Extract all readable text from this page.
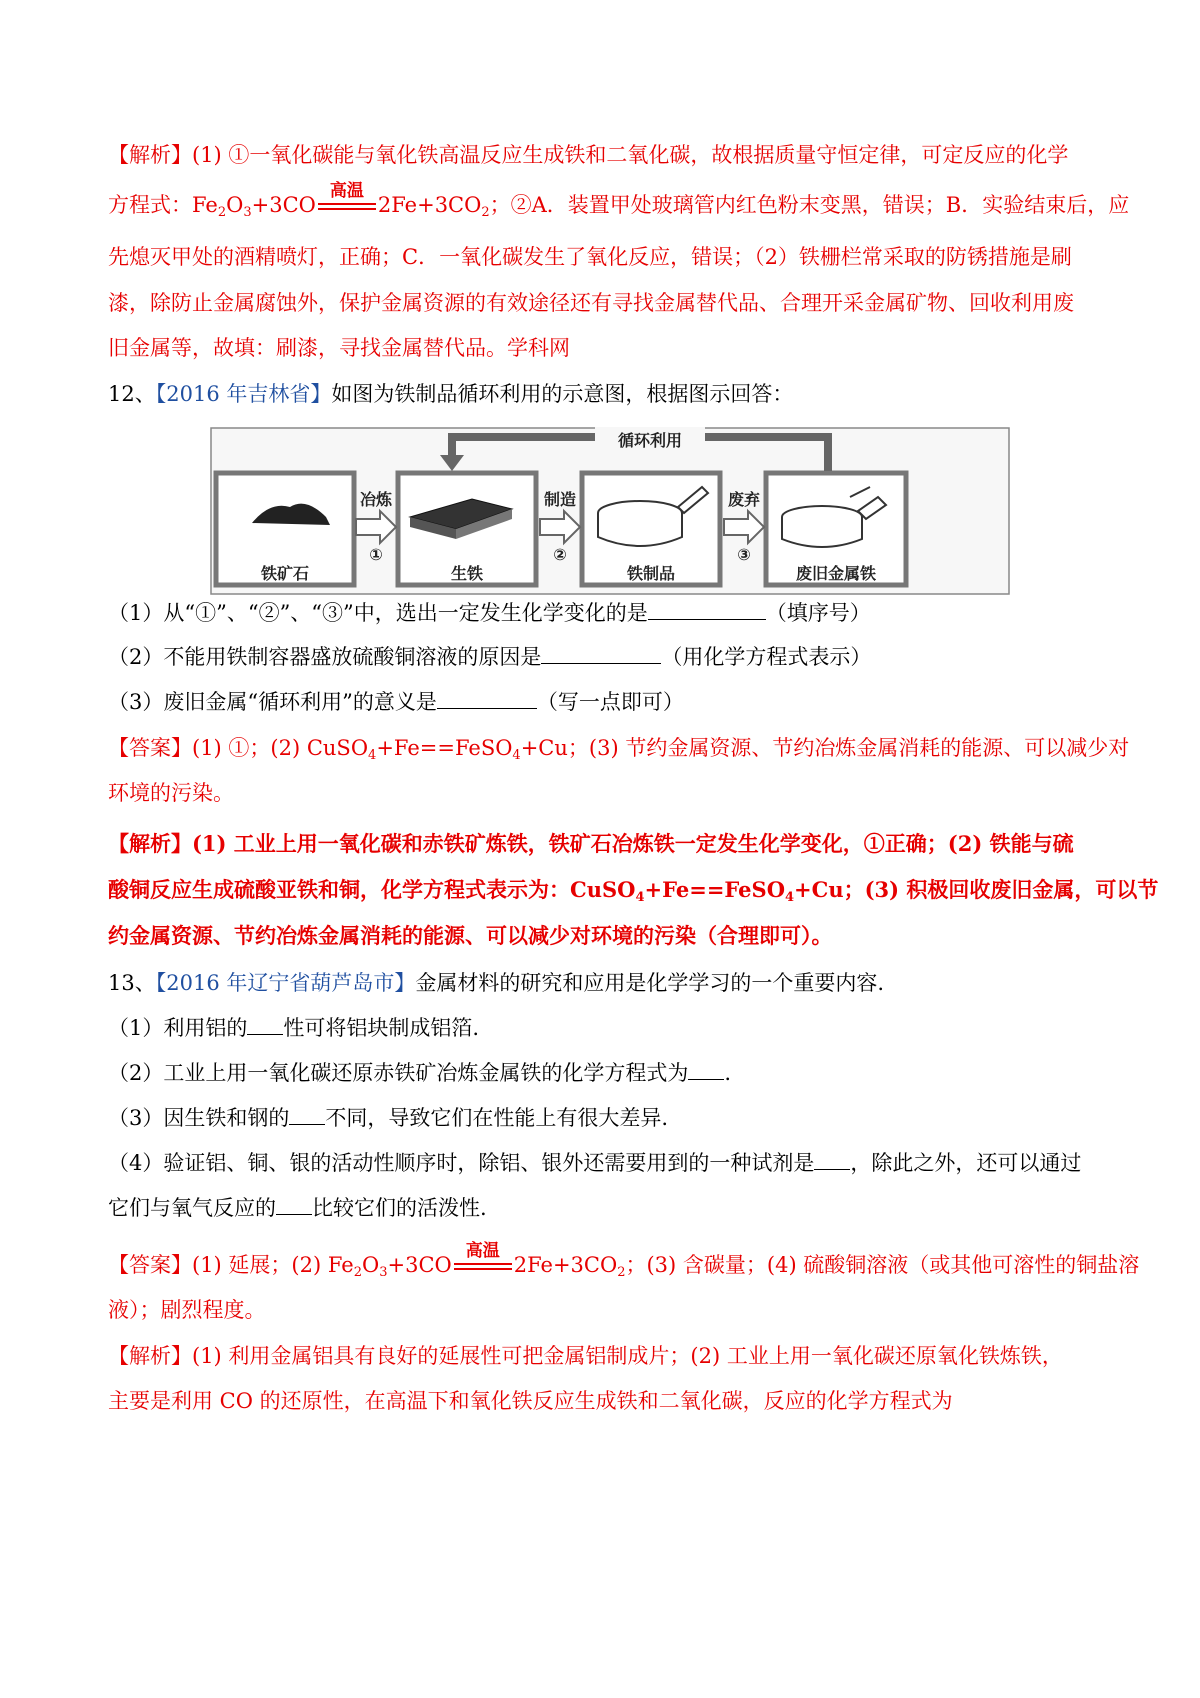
【解析】(1) ①一氧化碳能与氧化铁高温反应生成铁和二氧化碳，故根据质量守恒定律，可定反应的化学
方程式：$Fe_2O_3+3CO$
高温
$2Fe+3CO_2$；②A．装置甲处玻璃管内红色粉末变黑，错误；B．实验结束后，应
先熄灭甲处的酒精喷灯，正确；C．一氧化碳发生了氧化反应，错误；（2）铁栅栏常采取的防锈措施是刷
漆，除防止金属腐蚀外，保护金属资源的有效途径还有寻找金属替代品、合理开采金属矿物、回收利用废
旧金属等，故填：刷漆，寻找金属替代品。学科网
12、【2016 年吉林省】如图为铁制品循环利用的示意图，根据图示回答：
循环利用
冶炼	制造	废弃
①	②	③
铁矿石	生铁	铁制品	废旧金属铁
（1）从“①”、“②”、“③”中，选出一定发生化学变化的是	（填序号）
（2）不能用铁制容器盛放硫酸铜溶液的原因是	（用化学方程式表示）
（3）废旧金属“循环利用”的意义是	（写一点即可）
【答案】(1) ①；(2) CuSO$_4$+Fe==FeSO$_4$+Cu；(3) 节约金属资源、节约冶炼金属消耗的能源、可以减少对
环境的污染。
【解析】(1) 工业上用一氧化碳和赤铁矿炼铁，铁矿石冶炼铁一定发生化学变化，①正确；(2) 铁能与硫
酸铜反应生成硫酸亚铁和铜，化学方程式表示为：CuSO$_4$+Fe==FeSO$_4$+Cu；(3) 积极回收废旧金属，可以节
约金属资源、节约冶炼金属消耗的能源、可以减少对环境的污染（合理即可）。
13、【2016 年辽宁省葫芦岛市】金属材料的研究和应用是化学学习的一个重要内容.
（1）利用铝的 性可将铝块制成铝箔.
（2）工业上用一氧化碳还原赤铁矿冶炼金属铁的化学方程式为 .
（3）因生铁和钢的 不同，导致它们在性能上有很大差异.
（4）验证铝、铜、银的活动性顺序时，除铝、银外还需要用到的一种试剂是 ，除此之外，还可以通过
它们与氧气反应的 比较它们的活泼性.
【答案】(1) 延展；(2) $Fe_2O_3+3CO$
高温
$2Fe+3CO_2$；(3) 含碳量；(4) 硫酸铜溶液（或其他可溶性的铜盐溶
液）；剧烈程度。
【解析】(1) 利用金属铝具有良好的延展性可把金属铝制成片；(2) 工业上用一氧化碳还原氧化铁炼铁，
主要是利用 CO 的还原性，在高温下和氧化铁反应生成铁和二氧化碳，反应的化学方程式为
